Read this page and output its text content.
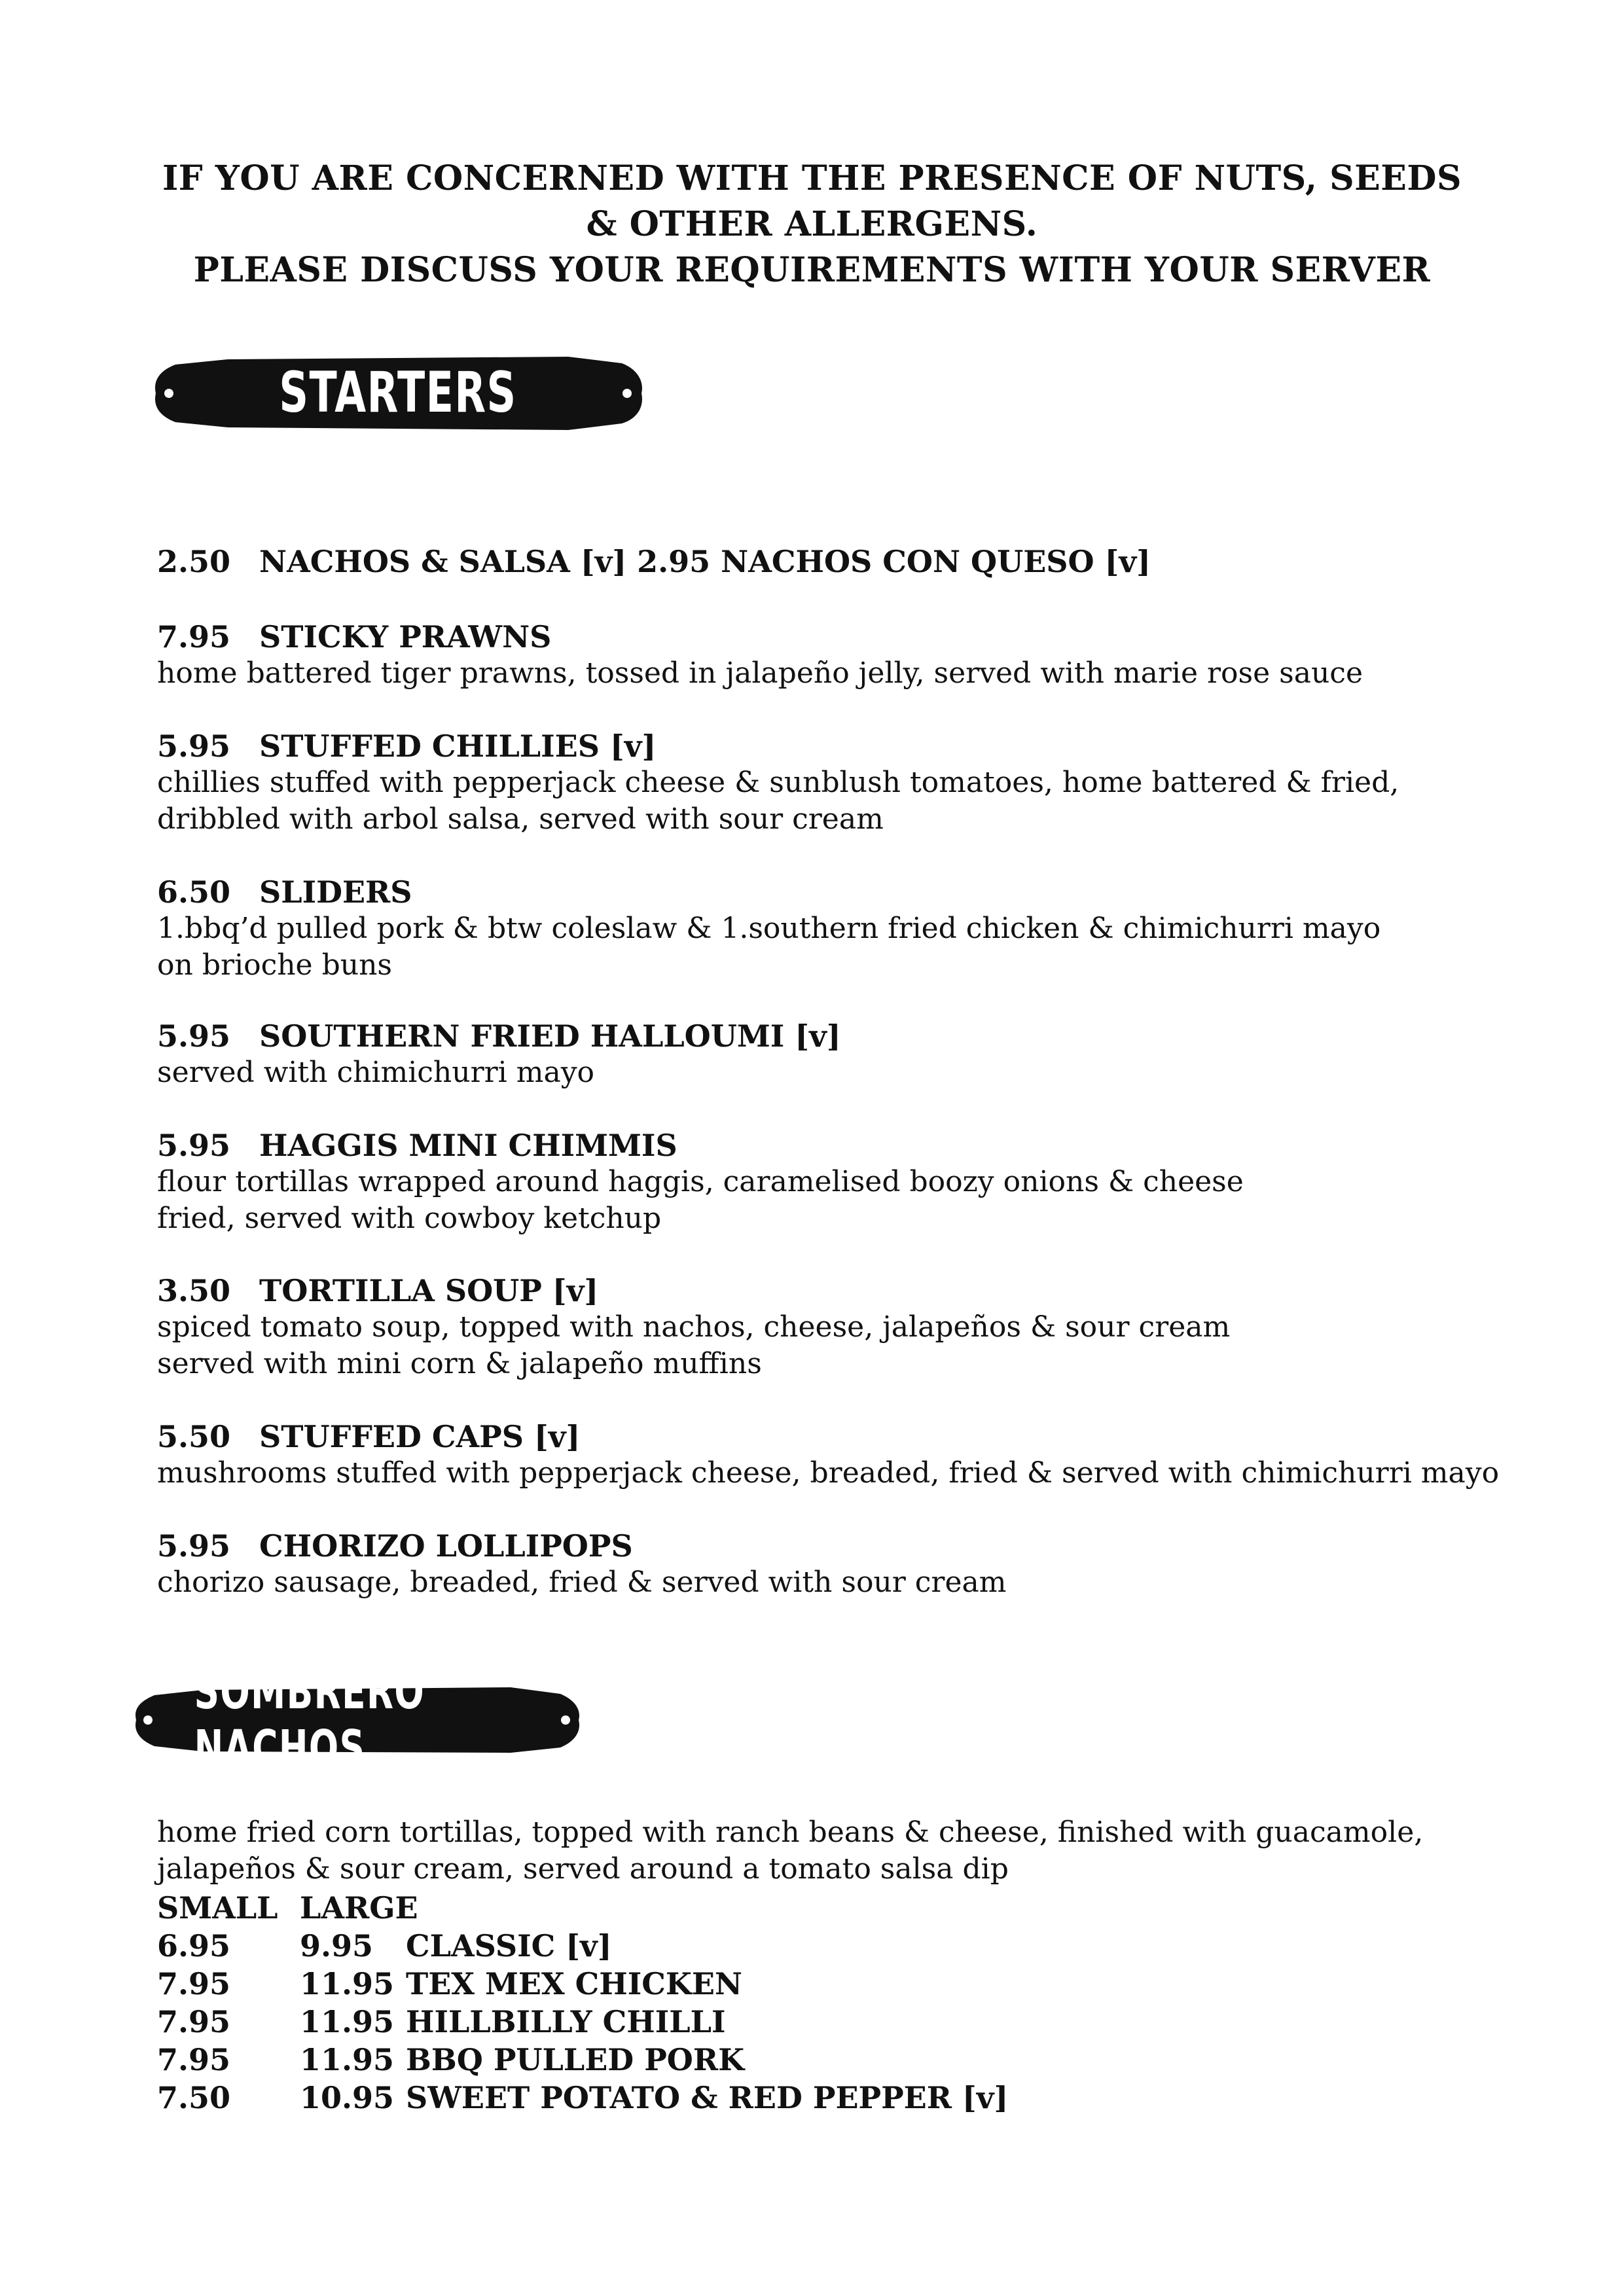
IF YOU ARE CONCERNED WITH THE PRESENCE OF NUTS, SEEDS
& OTHER ALLERGENS.
PLEASE DISCUSS YOUR REQUIREMENTS WITH YOUR SERVER
STARTERS
2.50 NACHOS & SALSA [v] 2.95 NACHOS CON QUESO [v]
7.95 STICKY PRAWNS
home battered tiger prawns, tossed in jalapeño jelly, served with marie rose sauce
5.95 STUFFED CHILLIES [v]
chillies stuffed with pepperjack cheese & sunblush tomatoes, home battered & fried,
dribbled with arbol salsa, served with sour cream
6.50 SLIDERS
1.bbq’d pulled pork & btw coleslaw & 1.southern fried chicken & chimichurri mayo
on brioche buns
5.95 SOUTHERN FRIED HALLOUMI [v]
served with chimichurri mayo
5.95 HAGGIS MINI CHIMMIS
flour tortillas wrapped around haggis, caramelised boozy onions & cheese
fried, served with cowboy ketchup
3.50 TORTILLA SOUP [v]
spiced tomato soup, topped with nachos, cheese, jalapeños & sour cream
served with mini corn & jalapeño muffins
5.50 STUFFED CAPS [v]
mushrooms stuffed with pepperjack cheese, breaded, fried & served with chimichurri mayo
5.95 CHORIZO LOLLIPOPS
chorizo sausage, breaded, fried & served with sour cream
SOMBRERO NACHOS
home fried corn tortillas, topped with ranch beans & cheese, finished with guacamole,
jalapeños & sour cream, served around a tomato salsa dip
SMALL LARGE
6.95 9.95 CLASSIC [v]
7.95 11.95 TEX MEX CHICKEN
7.95 11.95 HILLBILLY CHILLI
7.95 11.95 BBQ PULLED PORK
7.50 10.95 SWEET POTATO & RED PEPPER [v]
